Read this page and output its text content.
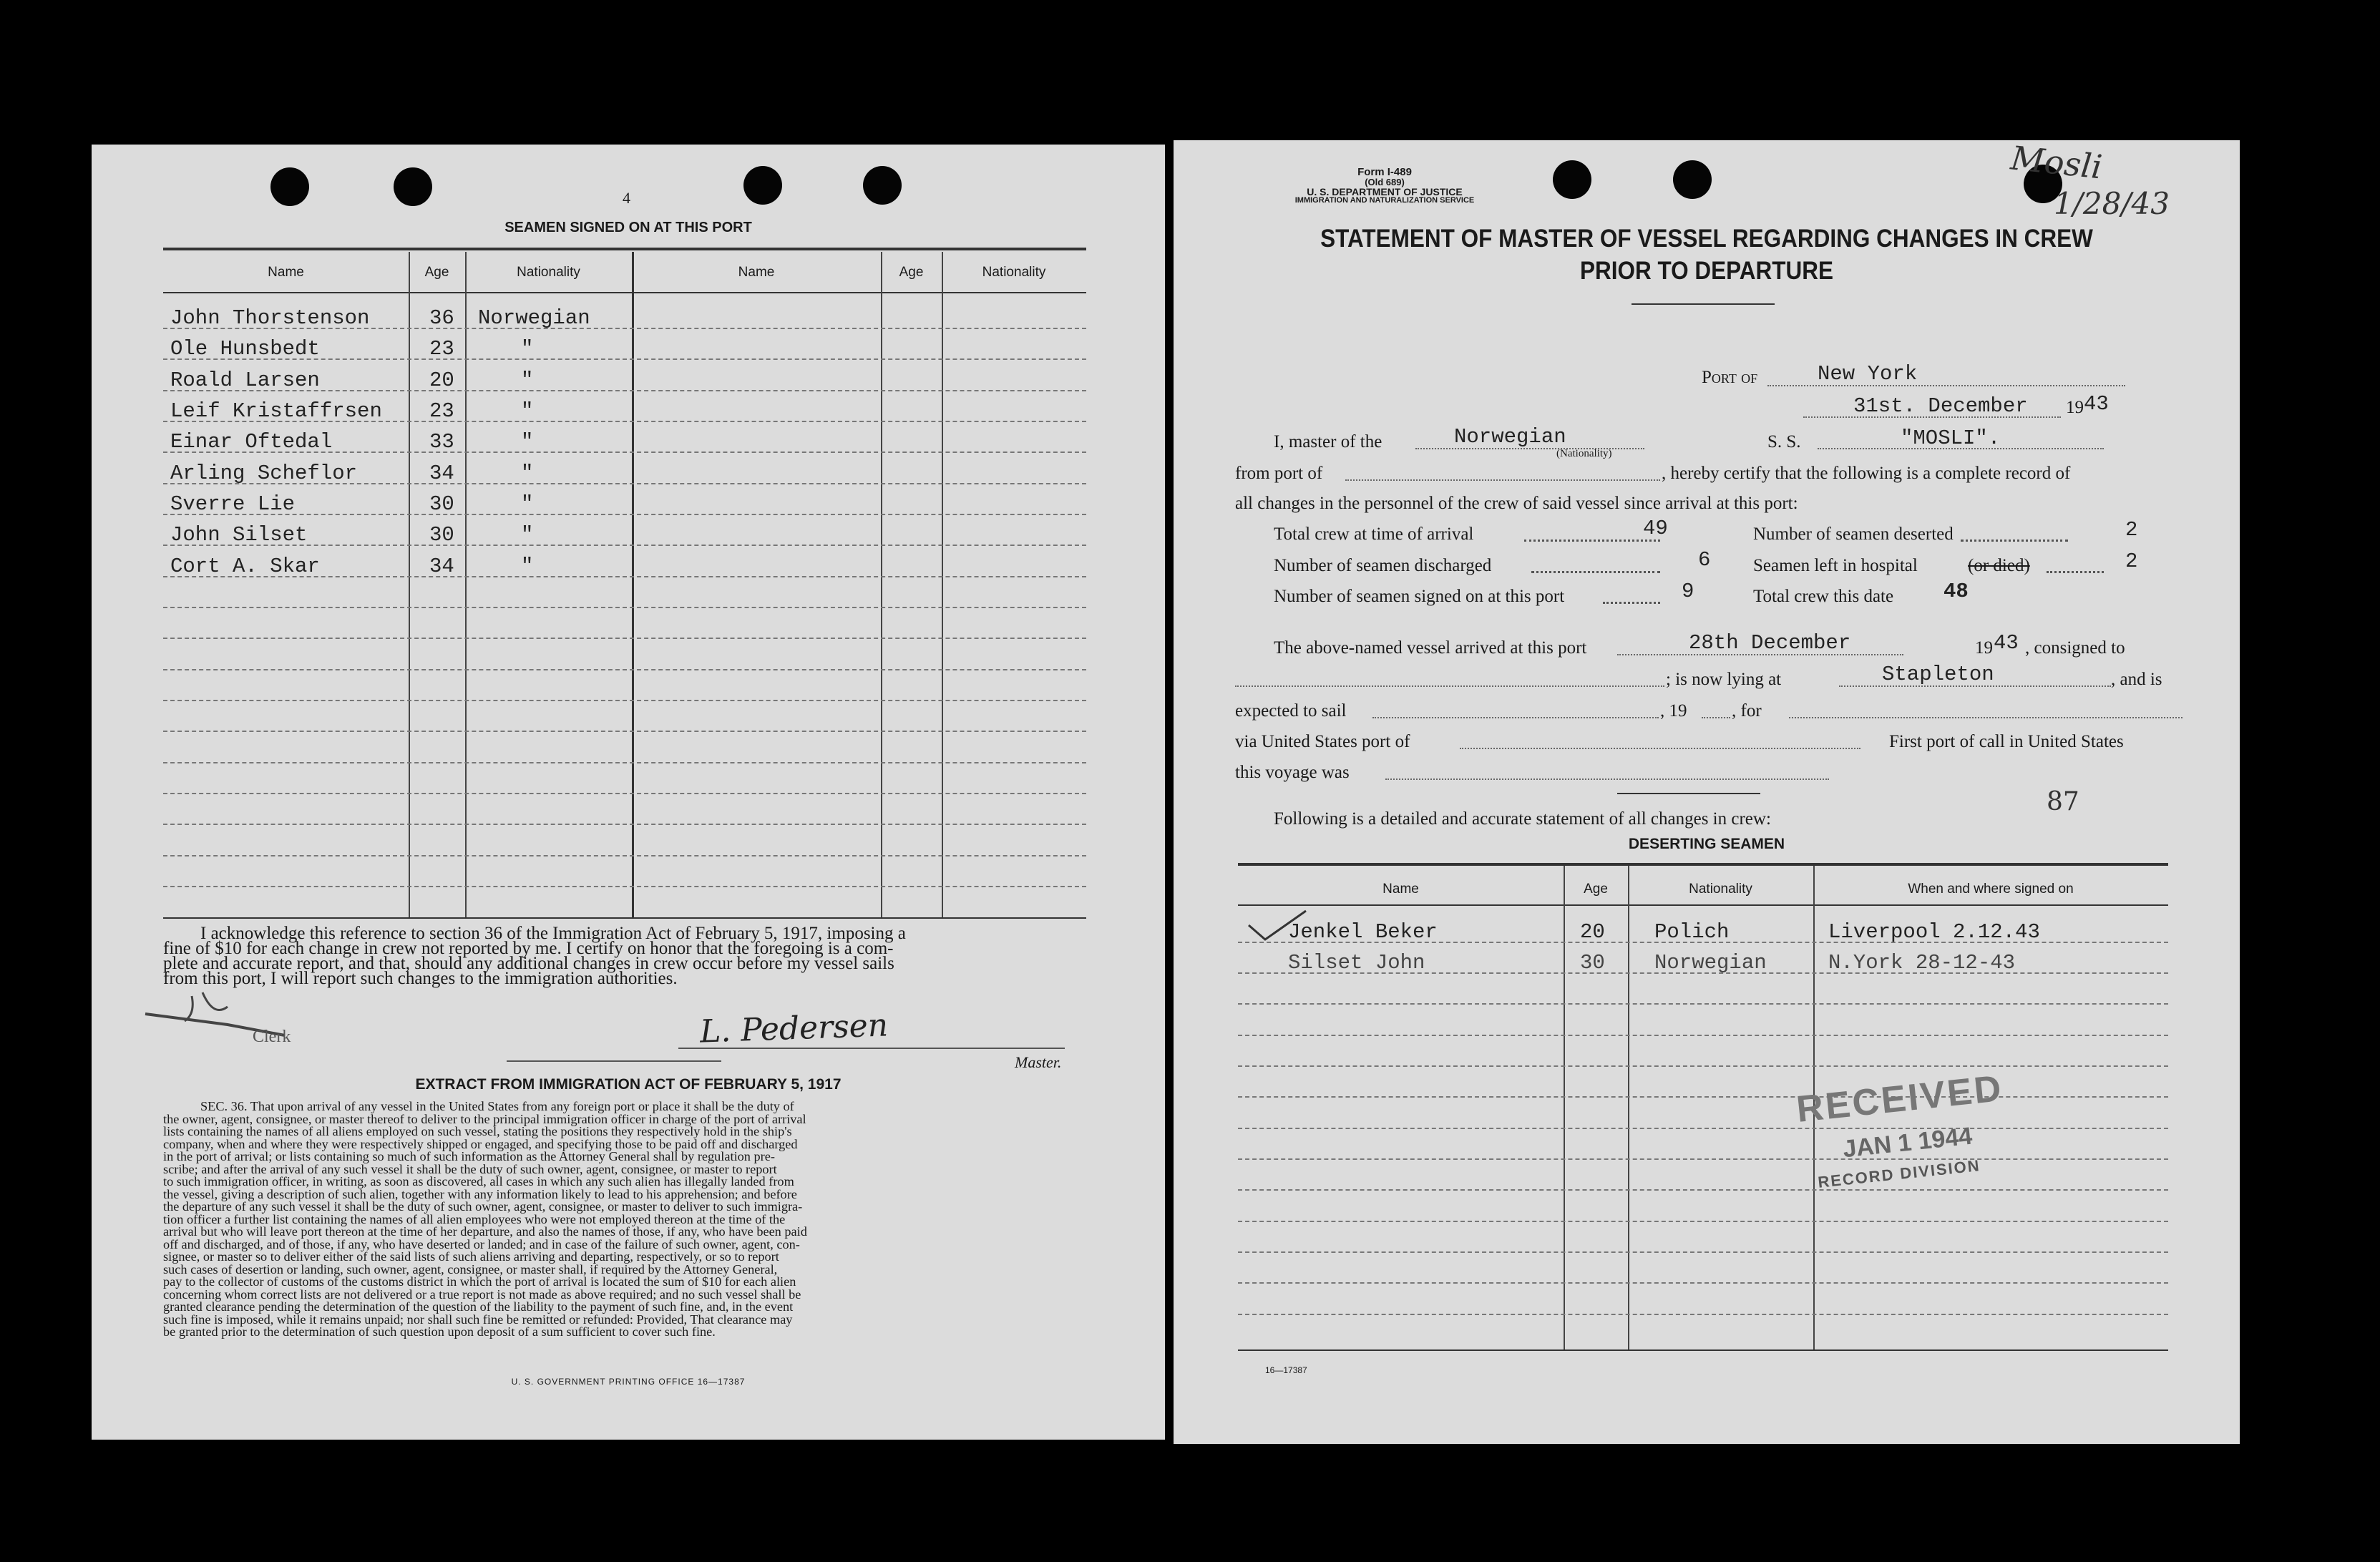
4
SEAMEN SIGNED ON AT THIS PORT
Name	Age	Nationality	Name	Age	Nationality
John Thorstenson	36 Norwegian
Ole Hunsbedt	23	"
Roald Larsen	20	"
Leif Kristaffrsen 23	"
Einar Oftedal	33	"
Arling Scheflor	34	"
Sverre Lie	30	"
John Silset	30	"
Cort A. Skar	34	"
I acknowledge this reference to section 36 of the Immigration Act of February 5, 1917, imposing a
fine of $10 for each change in crew not reported by me. I certify on honor that the foregoing is a com-
plete and accurate report, and that, should any additional changes in crew occur before my vessel sails
from this port, I will report such changes to the immigration authorities.
Clerk	L. Pedersen
Master.
EXTRACT FROM IMMIGRATION ACT OF FEBRUARY 5, 1917
SEC. 36. That upon arrival of any vessel in the United States from any foreign port or place it shall be the duty of
the owner, agent, consignee, or master thereof to deliver to the principal immigration officer in charge of the port of arrival
lists containing the names of all aliens employed on such vessel, stating the positions they respectively hold in the ship's
company, when and where they were respectively shipped or engaged, and specifying those to be paid off and discharged
in the port of arrival; or lists containing so much of such information as the Attorney General shall by regulation pre-
scribe; and after the arrival of any such vessel it shall be the duty of such owner, agent, consignee, or master to report
to such immigration officer, in writing, as soon as discovered, all cases in which any such alien has illegally landed from
the vessel, giving a description of such alien, together with any information likely to lead to his apprehension; and before
the departure of any such vessel it shall be the duty of such owner, agent, consignee, or master to deliver to such immigra-
tion officer a further list containing the names of all alien employees who were not employed thereon at the time of the
arrival but who will leave port thereon at the time of her departure, and also the names of those, if any, who have been paid
off and discharged, and of those, if any, who have deserted or landed; and in case of the failure of such owner, agent, con-
signee, or master so to deliver either of the said lists of such aliens arriving and departing, respectively, or so to report
such cases of desertion or landing, such owner, agent, consignee, or master shall, if required by the Attorney General,
pay to the collector of customs of the customs district in which the port of arrival is located the sum of $10 for each alien
concerning whom correct lists are not delivered or a true report is not made as above required; and no such vessel shall be
granted clearance pending the determination of the question of the liability to the payment of such fine, and, in the event
such fine is imposed, while it remains unpaid; nor shall such fine be remitted or refunded: Provided, That clearance may
be granted prior to the determination of such question upon deposit of a sum sufficient to cover such fine.
U. S. GOVERNMENT PRINTING OFFICE 16—17387
Form I-489
(Old 689)
U. S. DEPARTMENT OF JUSTICE
IMMIGRATION AND NATURALIZATION SERVICE
Mosli
1/28/43
STATEMENT OF MASTER OF VESSEL REGARDING CHANGES IN CREW
PRIOR TO DEPARTURE
Port of	New York
31st. December 19 43
I, master of the	Norwegian
(Nationality)
S. S.	"MOSLI".
from port of	, hereby certify that the following is a complete record of
all changes in the personnel of the crew of said vessel since arrival at this port:
Total crew at time of arrival	49
Number of seamen discharged	6
Number of seamen signed on at this port	9
Number of seamen deserted	2
Seamen left in hospital	(or died)	2
Total crew this date 48
The above-named vessel arrived at this port	28th December	19 43 , consigned to
; is now lying at	Stapleton	, and is
expected to sail	, 19	, for
via United States port of	First port of call in United States
this voyage was
87
Following is a detailed and accurate statement of all changes in crew:
DESERTING SEAMEN
Name	Age	Nationality	When and where signed on
Jenkel Beker	20 Polich	Liverpool 2.12.43
Silset John	30 Norwegian	N.York 28-12-43
RECEIVED
JAN 1 1944
RECORD DIVISION
16—17387
